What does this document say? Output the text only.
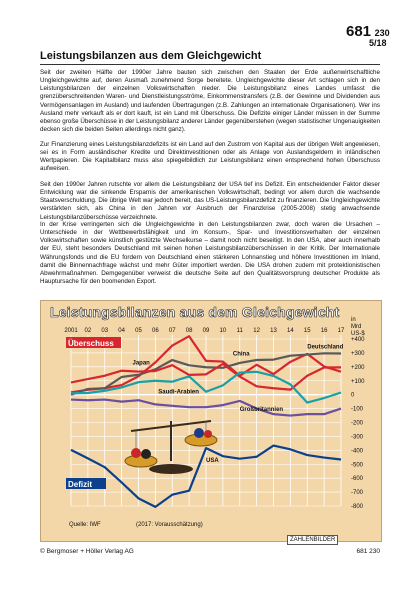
681 230
5/18
Leistungsbilanzen aus dem Gleichgewicht
Seit der zweiten Hälfte der 1990er Jahre bauten sich zwischen den Staaten der Erde außenwirtschaftliche Ungleichgewichte auf, deren Ausmaß zunehmend Sorge bereitete. Ungleichgewichte dieser Art schlagen sich in den Leistungsbilanzen der einzelnen Volkswirtschaften nieder. Die Leistungsbilanz eines Landes umfasst die grenzüberschreitenden Waren- und Dienstleistungsströme, Einkommenstransfers (z.B. der Gewinne und Dividenden aus Vermögensanlagen im Ausland) und laufenden Übertragungen (z.B. Zahlungen an internationale Organisationen). Wer ins Ausland mehr verkauft als er dort kauft, ist ein Land mit Überschuss. Die Defizite einiger Länder müssen in der Summe ebenso große Überschüsse in der Leistungsbilanz anderer Länder gegenüberstehen (wegen statistischer Ungenauigkeiten decken sich die beiden Seiten allerdings nicht ganz).
Zur Finanzierung eines Leistungsbilanzdefizits ist ein Land auf den Zustrom von Kapital aus der übrigen Welt angewiesen, sei es in Form ausländischer Kredite und Direktinvestitionen oder als Anlage von Auslandsgeldern in inländischen Wertpapieren. Die Kapitalbilanz muss also spiegelbildlich zur Leistungsbilanz einen entsprechend hohen Überschuss aufweisen.
Seit den 1990er Jahren rutschte vor allem die Leistungsbilanz der USA tief ins Defizit. Ein entscheidender Faktor dieser Entwicklung war die sinkende Ersparnis der amerikanischen Volkswirtschaft, bedingt vor allem durch die wachsende Staatsverschuldung. Die übrige Welt war jedoch bereit, das US-Leistungsbilanzdefizit zu finanzieren. Die Ungleichgewichte verstärkten sich, als China in den Jahren vor Ausbruch der Finanzkrise (2005-2008) stetig anwachsende Leistungsbilanzüberschüsse verzeichnete.
In der Krise verringerten sich die Ungleichgewichte in den Leistungsbilanzen zwar, doch waren die Ursachen – Unterschiede in der Wettbewerbsfähigkeit und im Konsum-, Spar- und Investitionsverhalten der einzelnen Volkswirtschaften sowie künstlich gestützte Wechselkurse – damit noch nicht beseitigt. In den USA, aber auch innerhalb der EU, steht besonders Deutschland mit seinen hohen Leistungsbilanzüberschüssen in der Kritik. Der Internationale Währungsfonds und die EU fordern von Deutschland einen stärkeren Lohnanstieg und höhere Investitionen im Inland, damit die Binnennachfrage wächst und mehr Güter importiert werden. Die USA drohen zudem mit protektionistischen Abwehrmaßnahmen. Demgegenüber verweist die deutsche Seite auf den Qualitätsvorsprung deutscher Produkte als Hauptursache für den boomenden Export.
2001 02 03 04 05 06 07 08 09 10 11 12 13 14 15 16 17
+400
+300
+200
+100
0
-100
-200
-300
-400
-500
-600
-700
-800
China
Deutschland
Japan
Saudi-Arabien
Großbritannien
USA
Überschuss
Defizit
in
Mrd
US-$
Quelle: IWF	(2017: Vorausschätzung)
Leistungsbilanzen aus dem Gleichgewicht
ZAHLENBILDER
© Bergmoser + Höller Verlag AG	681 230
